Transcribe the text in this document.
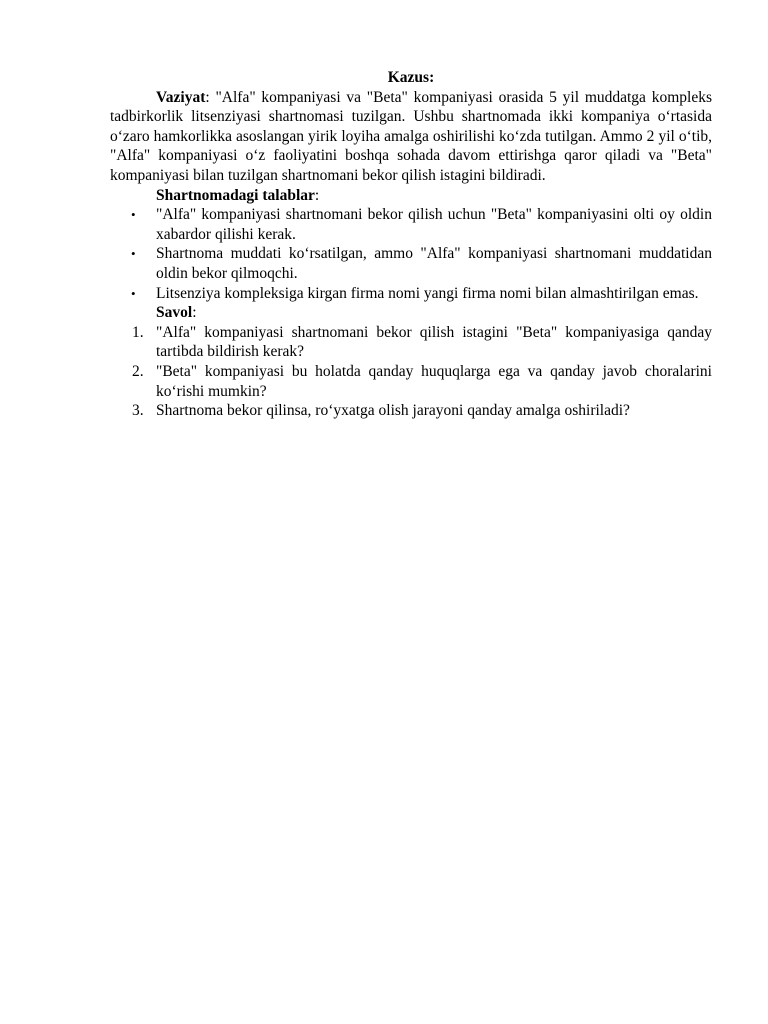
Kazus:

Vaziyat: "Alfa" kompaniyasi va "Beta" kompaniyasi orasida 5 yil muddatga kompleks tadbirkorlik litsenziyasi shartnomasi tuzilgan. Ushbu shartnomada ikki kompaniya o‘rtasida o‘zaro hamkorlikka asoslangan yirik loyiha amalga oshirilishi ko‘zda tutilgan. Ammo 2 yil o‘tib, "Alfa" kompaniyasi o‘z faoliyatini boshqa sohada davom ettirishga qaror qiladi va "Beta" kompaniyasi bilan tuzilgan shartnomani bekor qilish istagini bildiradi.

Shartnomadagi talablar:

• "Alfa" kompaniyasi shartnomani bekor qilish uchun "Beta" kompaniyasini olti oy oldin xabardor qilishi kerak.
• Shartnoma muddati ko‘rsatilgan, ammo "Alfa" kompaniyasi shartnomani muddatidan oldin bekor qilmoqchi.
• Litsenziya kompleksiga kirgan firma nomi yangi firma nomi bilan almashtirilgan emas.

Savol:

1. "Alfa" kompaniyasi shartnomani bekor qilish istagini "Beta" kompaniyasiga qanday tartibda bildirish kerak?
2. "Beta" kompaniyasi bu holatda qanday huquqlarga ega va qanday javob choralarini ko‘rishi mumkin?
3. Shartnoma bekor qilinsa, ro‘yxatga olish jarayoni qanday amalga oshiriladi?
